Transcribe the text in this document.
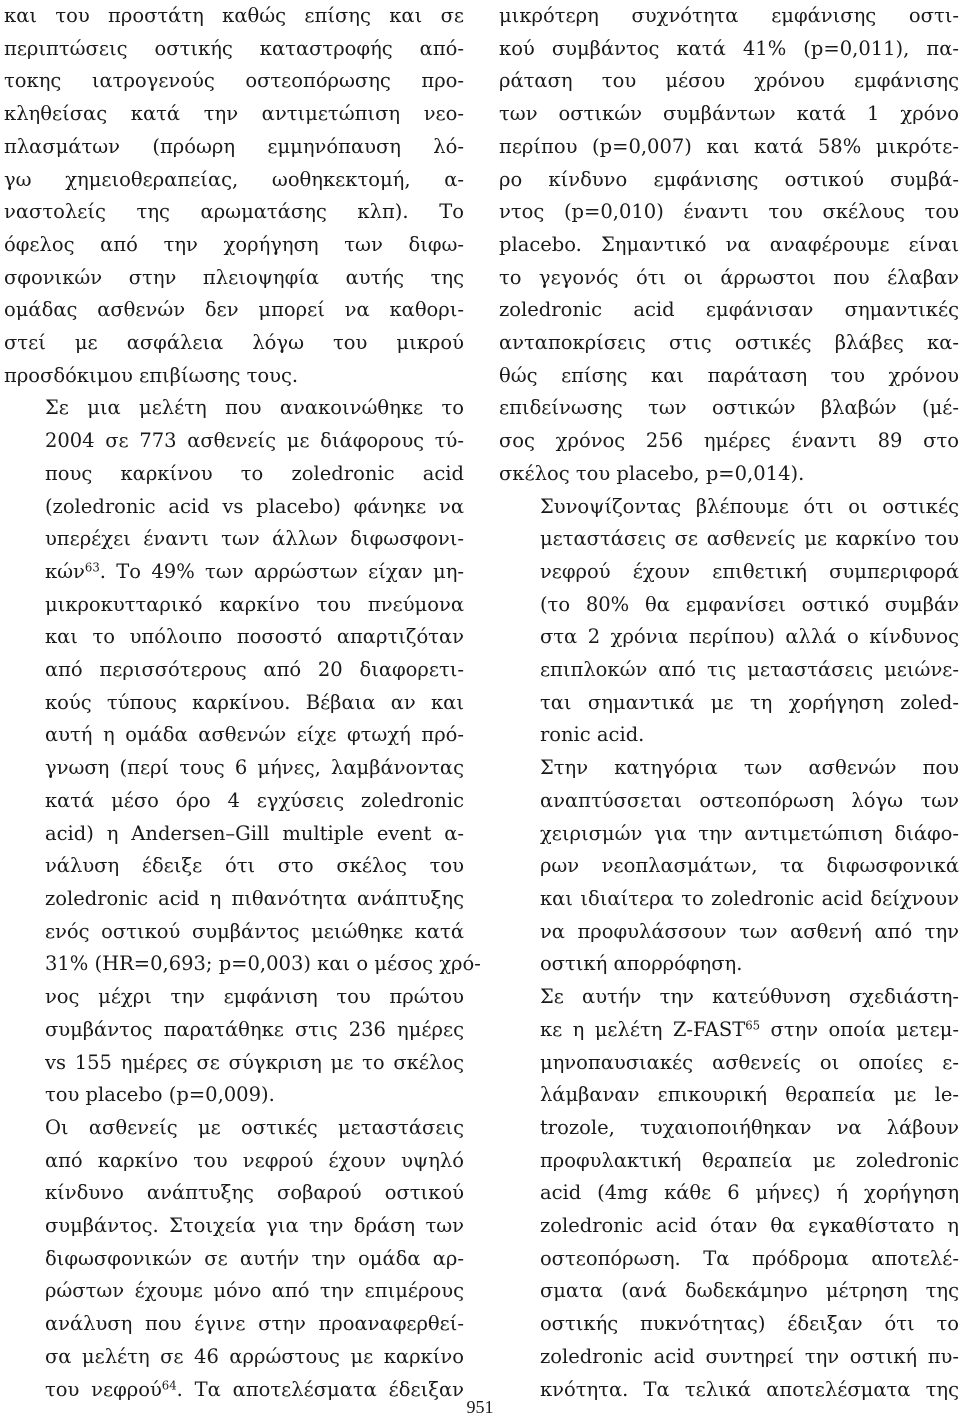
και του προστάτη καθώς επίσης και σε
περιπτώσεις οστικής καταστροφής από-
τοκης ιατρογενούς οστεοπόρωσης προ-
κληθείσας κατά την αντιμετώπιση νεο-
πλασμάτων (πρόωρη εμμηνόπαυση λό-
γω χημειοθεραπείας, ωοθηκεκτομή, α-
ναστολείς της αρωματάσης κλπ). Το
όφελος από την χορήγηση των διφω-
σφονικών στην πλειοψηφία αυτής της
ομάδας ασθενών δεν μπορεί να καθορι-
στεί με ασφάλεια λόγω του μικρού
προσδόκιμου επιβίωσης τους.
Σε μια μελέτη που ανακοινώθηκε το
2004 σε 773 ασθενείς με διάφορους τύ-
πους καρκίνου το zoledronic acid
(zoledronic acid vs placebo) φάνηκε να
υπερέχει έναντι των άλλων διφωσφονι-
κών$^{63}$. Το 49% των αρρώστων είχαν μη-
μικροκυτταρικό καρκίνο του πνεύμονα
και το υπόλοιπο ποσοστό απαρτιζόταν
από περισσότερους από 20 διαφορετι-
κούς τύπους καρκίνου. Βέβαια αν και
αυτή η ομάδα ασθενών είχε φτωχή πρό-
γνωση (περί τους 6 μήνες, λαμβάνοντας
κατά μέσο όρο 4 εγχύσεις zoledronic
acid) η Andersen–Gill multiple event α-
νάλυση έδειξε ότι στο σκέλος του
zoledronic acid η πιθανότητα ανάπτυξης
ενός οστικού συμβάντος μειώθηκε κατά
31% (HR=0,693; p=0,003) και ο μέσος χρό-
νος μέχρι την εμφάνιση του πρώτου
συμβάντος παρατάθηκε στις 236 ημέρες
vs 155 ημέρες σε σύγκριση με το σκέλος
του placebo (p=0,009).
Οι ασθενείς με οστικές μεταστάσεις
από καρκίνο του νεφρού έχουν υψηλό
κίνδυνο ανάπτυξης σοβαρού οστικού
συμβάντος. Στοιχεία για την δράση των
διφωσφονικών σε αυτήν την ομάδα αρ-
ρώστων έχουμε μόνο από την επιμέρους
ανάλυση που έγινε στην προαναφερθεί-
σα μελέτη σε 46 αρρώστους με καρκίνο
του νεφρού$^{64}$. Τα αποτελέσματα έδειξαν
μικρότερη συχνότητα εμφάνισης οστι-
κού συμβάντος κατά 41% (p=0,011), πα-
ράταση του μέσου χρόνου εμφάνισης
των οστικών συμβάντων κατά 1 χρόνο
περίπου (p=0,007) και κατά 58% μικρότε-
ρο κίνδυνο εμφάνισης οστικού συμβά-
ντος (p=0,010) έναντι του σκέλους του
placebo. Σημαντικό να αναφέρουμε είναι
το γεγονός ότι οι άρρωστοι που έλαβαν
zoledronic acid εμφάνισαν σημαντικές
ανταποκρίσεις στις οστικές βλάβες κα-
θώς επίσης και παράταση του χρόνου
επιδείνωσης των οστικών βλαβών (μέ-
σος χρόνος 256 ημέρες έναντι 89 στο
σκέλος του placebo, p=0,014).
Συνοψίζοντας βλέπουμε ότι οι οστικές
μεταστάσεις σε ασθενείς με καρκίνο του
νεφρού έχουν επιθετική συμπεριφορά
(το 80% θα εμφανίσει οστικό συμβάν
στα 2 χρόνια περίπου) αλλά ο κίνδυνος
επιπλοκών από τις μεταστάσεις μειώνε-
ται σημαντικά με τη χορήγηση zoled-
ronic acid.
Στην κατηγόρια των ασθενών που
αναπτύσσεται οστεοπόρωση λόγω των
χειρισμών για την αντιμετώπιση διάφο-
ρων νεοπλασμάτων, τα διφωσφονικά
και ιδιαίτερα το zoledronic acid δείχνουν
να προφυλάσσουν των ασθενή από την
οστική απορρόφηση.
Σε αυτήν την κατεύθυνση σχεδιάστη-
κε η μελέτη Z-FAST$^{65}$ στην οποία μετεμ-
μηνοπαυσιακές ασθενείς οι οποίες ε-
λάμβαναν επικουρική θεραπεία με le-
trozole, τυχαιοποιήθηκαν να λάβουν
προφυλακτική θεραπεία με zoledronic
acid (4mg κάθε 6 μήνες) ή χορήγηση
zoledronic acid όταν θα εγκαθίστατο η
οστεοπόρωση. Τα πρόδρομα αποτελέ-
σματα (ανά δωδεκάμηνο μέτρηση της
οστικής πυκνότητας) έδειξαν ότι το
zoledronic acid συντηρεί την οστική πυ-
κνότητα. Τα τελικά αποτελέσματα της
951
